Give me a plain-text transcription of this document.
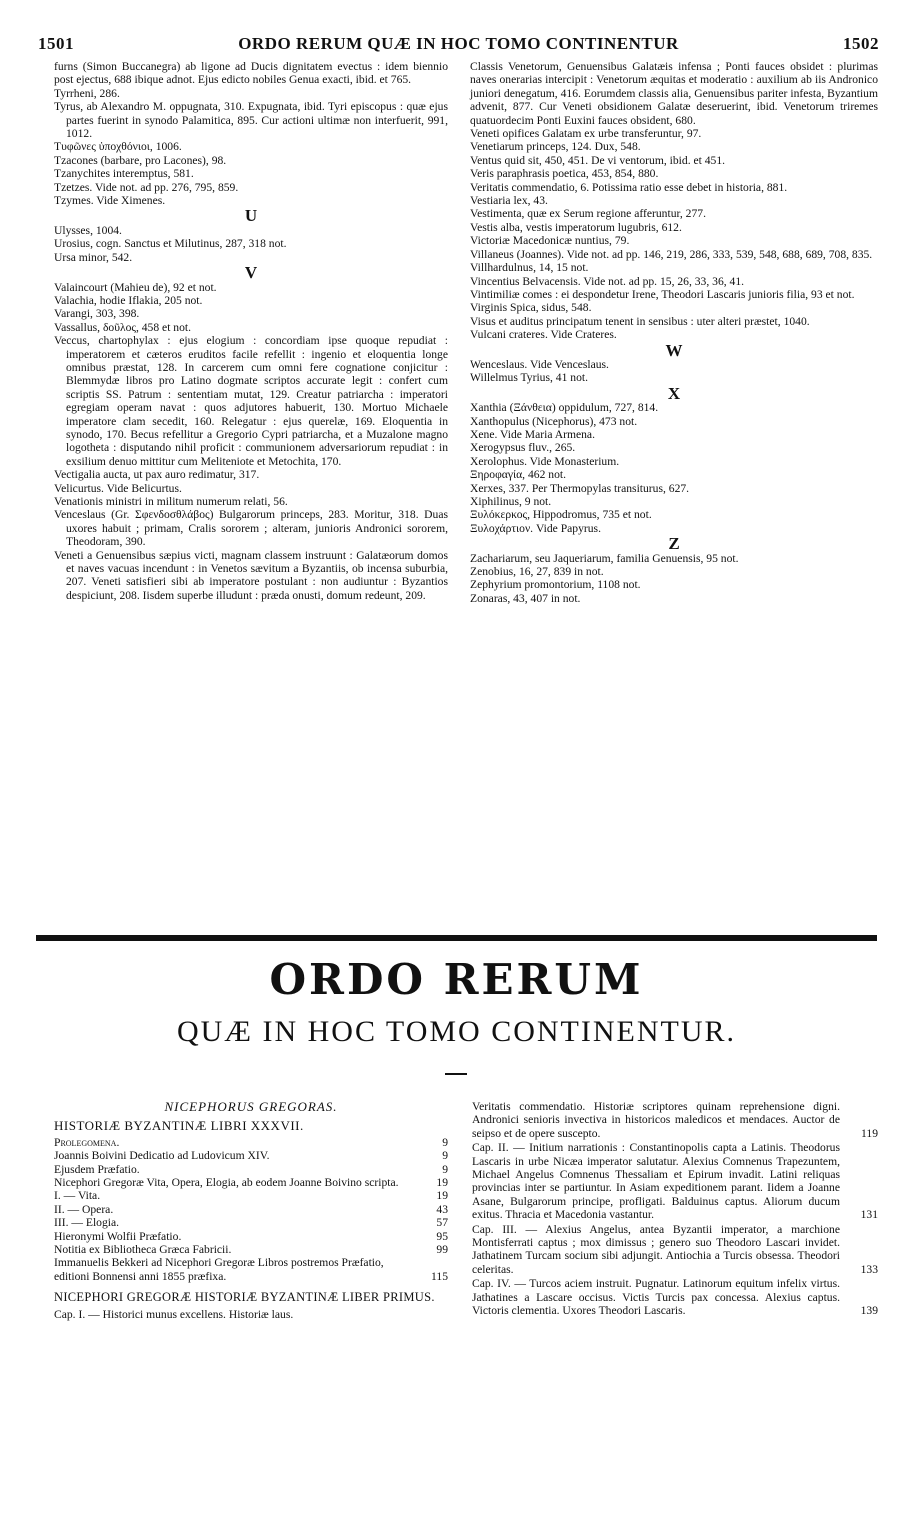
1501	ORDO RERUM QUÆ IN HOC TOMO CONTINENTUR	1502

furns (Simon Buccanegra) ab ligone ad Ducis dignitatem evectus : idem biennio post ejectus, 688 ibique adnot. Ejus edicto nobiles Genua exacti, ibid. et 765.

Tyrrheni, 286.

Tyrus, ab Alexandro M. oppugnata, 310. Expugnata, ibid. Tyri episcopus : quæ ejus partes fuerint in synodo Palamitica, 895. Cur actioni ultimæ non interfuerit, 991, 1012.

Τυφῶνες ὑποχθόνιοι, 1006.

Tzacones (barbare, pro Lacones), 98.

Tzanychites interemptus, 581.

Tzetzes. Vide not. ad pp. 276, 795, 859.

Tzymes. Vide Ximenes.

U

Ulysses, 1004.

Urosius, cogn. Sanctus et Milutinus, 287, 318 not.

Ursa minor, 542.

V

Valaincourt (Mahieu de), 92 et not.

Valachia, hodie Iflakia, 205 not.

Varangi, 303, 398.

Vassallus, δοῦλος, 458 et not.

Veccus, chartophylax : ejus elogium : concordiam ipse quoque repudiat : imperatorem et cæteros eruditos facile refellit : ingenio et eloquentia longe omnibus præstat, 128. In carcerem cum omni fere cognatione conjicitur : Blemmydæ libros pro Latino dogmate scriptos accurate legit : confert cum scriptis SS. Patrum : sententiam mutat, 129. Creatur patriarcha : imperatori egregiam operam navat : quos adjutores habuerit, 130. Mortuo Michaele imperatore clam secedit, 160. Relegatur : ejus querelæ, 169. Eloquentia in synodo, 170. Becus refellitur a Gregorio Cypri patriarcha, et a Muzalone magno logotheta : disputando nihil proficit : communionem adversariorum repudiat : in exsilium denuo mittitur cum Meliteniote et Metochita, 170.

Vectigalia aucta, ut pax auro redimatur, 317.

Velicurtus. Vide Belicurtus.

Venationis ministri in militum numerum relati, 56.

Venceslaus (Gr. Σφενδοσθλάβος) Bulgarorum princeps, 283. Moritur, 318. Duas uxores habuit ; primam, Cralis sororem ; alteram, junioris Andronici sororem, Theodoram, 390.

Veneti a Genuensibus sæpius victi, magnam classem instruunt : Galatæorum domos et naves vacuas incendunt : in Venetos sævitum a Byzantiis, ob incensa suburbia, 207. Veneti satisfieri sibi ab imperatore postulant : non audiuntur : Byzantios despiciunt, 208. Iisdem superbe illudunt : præda onusti, domum redeunt, 209.

Classis Venetorum, Genuensibus Galatæis infensa ; Ponti fauces obsidet : plurimas naves onerarias intercipit : Venetorum æquitas et moderatio : auxilium ab iis Andronico juniori denegatum, 416. Eorumdem classis alia, Genuensibus pariter infesta, Byzantium advenit, 877. Cur Veneti obsidionem Galatæ deseruerint, ibid. Venetorum triremes quatuordecim Ponti Euxini fauces obsident, 680.

Veneti opifices Galatam ex urbe transferuntur, 97.

Venetiarum princeps, 124. Dux, 548.

Ventus quid sit, 450, 451. De vi ventorum, ibid. et 451.

Veris paraphrasis poetica, 453, 854, 880.

Veritatis commendatio, 6. Potissima ratio esse debet in historia, 881.

Vestiaria lex, 43.

Vestimenta, quæ ex Serum regione afferuntur, 277.

Vestis alba, vestis imperatorum lugubris, 612.

Victoriæ Macedonicæ nuntius, 79.

Villaneus (Joannes). Vide not. ad pp. 146, 219, 286, 333, 539, 548, 688, 689, 708, 835.

Villhardulnus, 14, 15 not.

Vincentius Belvacensis. Vide not. ad pp. 15, 26, 33, 36, 41.

Vintimiliæ comes : ei despondetur Irene, Theodori Lascaris junioris filia, 93 et not.

Virginis Spica, sidus, 548.

Visus et auditus principatum tenent in sensibus : uter alteri præstet, 1040.

Vulcani crateres. Vide Crateres.

W

Wenceslaus. Vide Venceslaus.

Willelmus Tyrius, 41 not.

X

Xanthia (Ξάνθεια) oppidulum, 727, 814.

Xanthopulus (Nicephorus), 473 not.

Xene. Vide Maria Armena.

Xerogypsus fluv., 265.

Xerolophus. Vide Monasterium.

Ξηροφαγία, 462 not.

Xerxes, 337. Per Thermopylas transiturus, 627.

Xiphilinus, 9 not.

Ξυλόκερκος, Hippodromus, 735 et not.

Ξυλοχάρτιον. Vide Papyrus.

Z

Zachariarum, seu Jaqueriarum, familia Genuensis, 95 not.

Zenobius, 16, 27, 839 in not.

Zephyrium promontorium, 1108 not.

Zonaras, 43, 407 in not.

ORDO RERUM
QUÆ IN HOC TOMO CONTINENTUR.
NICEPHORUS GREGORAS.
HISTORIÆ BYZANTINÆ LIBRI XXXVII.
Prolegomena.	9
Joannis Boivini Dedicatio ad Ludovicum XIV.	9
Ejusdem Præfatio.	9
Nicephori Gregoræ Vita, Opera, Elogia, ab eodem Joanne Boivino scripta.	19
I. — Vita.	19
II. — Opera.	43
III. — Elogia.	57
Hieronymi Wolfii Præfatio.	95
Notitia ex Bibliotheca Græca Fabricii.	99
Immanuelis Bekkeri ad Nicephori Gregoræ Libros postremos Præfatio, editioni Bonnensi anni 1855 præfixa.	115
NICEPHORI GREGORÆ HISTORIÆ BYZANTINÆ LIBER PRIMUS.
Cap. I. — Historici munus excellens. Historiæ laus.

Veritatis commendatio. Historiæ scriptores quinam reprehensione digni. Andronici senioris invectiva in historicos maledicos et mendaces. Auctor de seipso et de opere suscepto.	119

Cap. II. — Initium narrationis : Constantinopolis capta a Latinis. Theodorus Lascaris in urbe Nicæa imperator salutatur. Alexius Comnenus Trapezuntem, Michael Angelus Comnenus Thessaliam et Epirum invadit. Latini reliquas provincias inter se partiuntur. In Asiam expeditionem parant. Iidem a Joanne Asane, Bulgarorum principe, profligati. Balduinus captus. Aliorum ducum exitus. Thracia et Macedonia vastantur.	131

Cap. III. — Alexius Angelus, antea Byzantii imperator, a marchione Montisferrati captus ; mox dimissus ; genero suo Theodoro Lascari invidet. Jathatinem Turcam socium sibi adjungit. Antiochia a Turcis obsessa. Theodori celeritas.	133

Cap. IV. — Turcos aciem instruit. Pugnatur. Latinorum equitum infelix virtus. Jathatines a Lascare occisus. Victis Turcis pax concessa. Alexius captus. Victoris clementia. Uxores Theodori Lascaris.	139
